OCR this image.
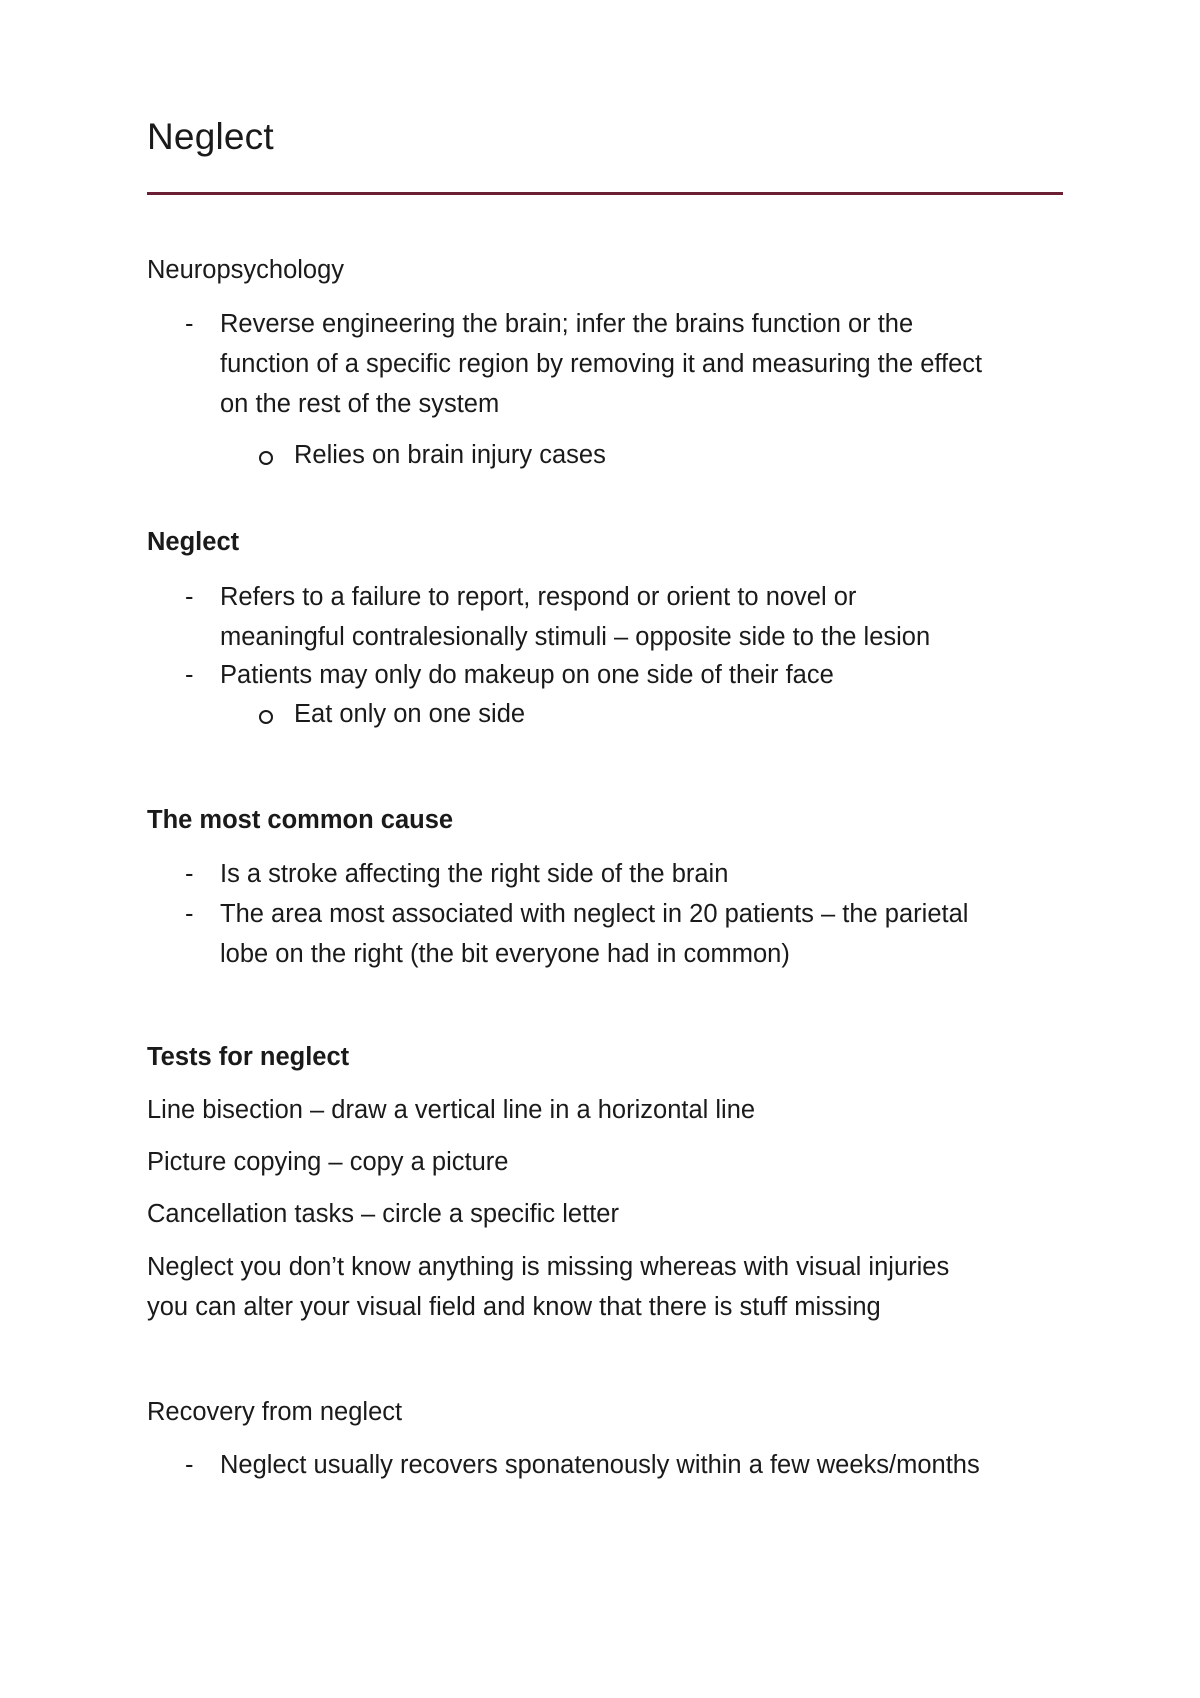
Neglect

Neuropsychology

- Reverse engineering the brain; infer the brains function or the

function of a specific region by removing it and measuring the effect

on the rest of the system

Relies on brain injury cases

Neglect

- Refers to a failure to report, respond or orient to novel or

meaningful contralesionally stimuli – opposite side to the lesion

- Patients may only do makeup on one side of their face

Eat only on one side

The most common cause

- Is a stroke affecting the right side of the brain

- The area most associated with neglect in 20 patients – the parietal

lobe on the right (the bit everyone had in common)

Tests for neglect

Line bisection – draw a vertical line in a horizontal line

Picture copying – copy a picture

Cancellation tasks – circle a specific letter

Neglect you don’t know anything is missing whereas with visual injuries

you can alter your visual field and know that there is stuff missing

Recovery from neglect

- Neglect usually recovers sponatenously within a few weeks/months
